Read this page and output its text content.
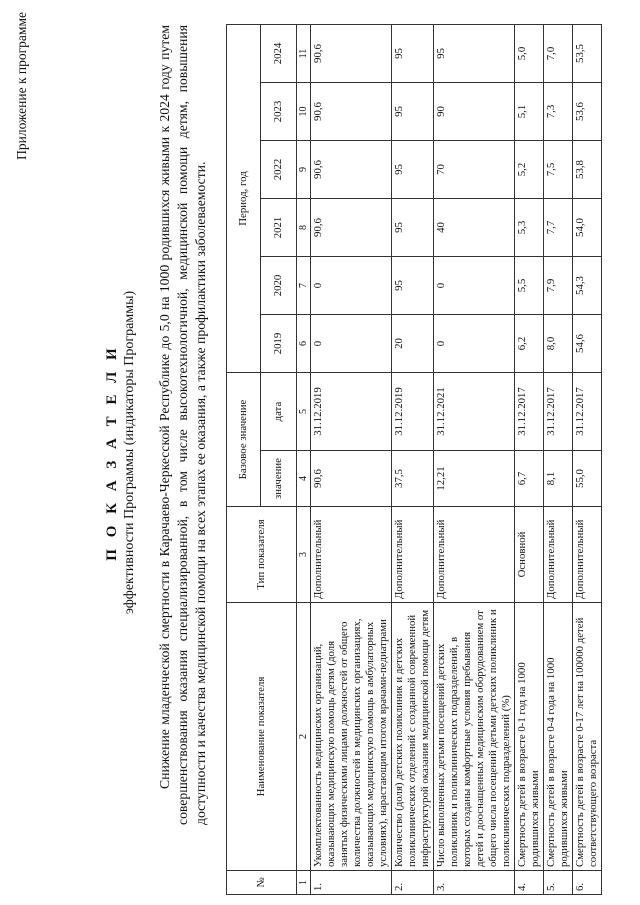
Приложение к программе
П О К А З А Т Е Л И эффективности Программы (индикаторы Программы) Снижение младенческой смертности в Карачаево-Черкесской Республике до 5,0 на 1000 родившихся живыми к 2024 году путем совершенствования оказания специализированной, в том числе высокотехнологичной, медицинской помощи детям, повышения доступности и качества медицинской помощи на всех этапах ее оказания, а также профилактики заболеваемости.
№	Наименование показателя	Тип показателя	Базовое значение		Период, год					
			значение	дата	2019	2020	2021	2022	2023	2024

1	2	3	4	5	6	7	8	9	10	11
1.	Укомплектованность медицинских организаций, оказывающих медицинскую помощь детям (доля занятых физическими лицами должностей от общего количества должностей в медицинских организациях, оказывающих медицинскую помощь в амбулаторных условиях), нарастающим итогом врачами-педиатрами	Дополнительный	90,6	31.12.2019	0	0	90,6	90,6	90,6	90,6
2.	Количество (доля) детских поликлиник и детских поликлинических отделений с созданной современной инфраструктурой оказания медицинской помощи детям	Дополнительный	37,5	31.12.2019	20	95	95	95	95	95
3.	Число выполненных детьми посещений детских поликлиник и поликлинических подразделений, в которых созданы комфортные условия пребывания детей и дооснащенных медицинским оборудованием от общего числа посещений детьми детских поликлиник и поликлинических подразделений (%)	Дополнительный	12,21	31.12.2021	0	0	40	70	90	95
4.	Смертность детей в возрасте 0-1 год на 1000 родившихся живыми	Основной	6,7	31.12.2017	6,2	5,5	5,3	5,2	5,1	5,0
5.	Смертность детей в возрасте 0-4 года на 1000 родившихся живыми	Дополнительный	8,1	31.12.2017	8,0	7,9	7,7	7,5	7,3	7,0
6.	Смертность детей в возрасте 0-17 лет на 100000 детей соответствующего возраста	Дополнительный	55,0	31.12.2017	54,6	54,3	54,0	53,8	53,6	53,5
